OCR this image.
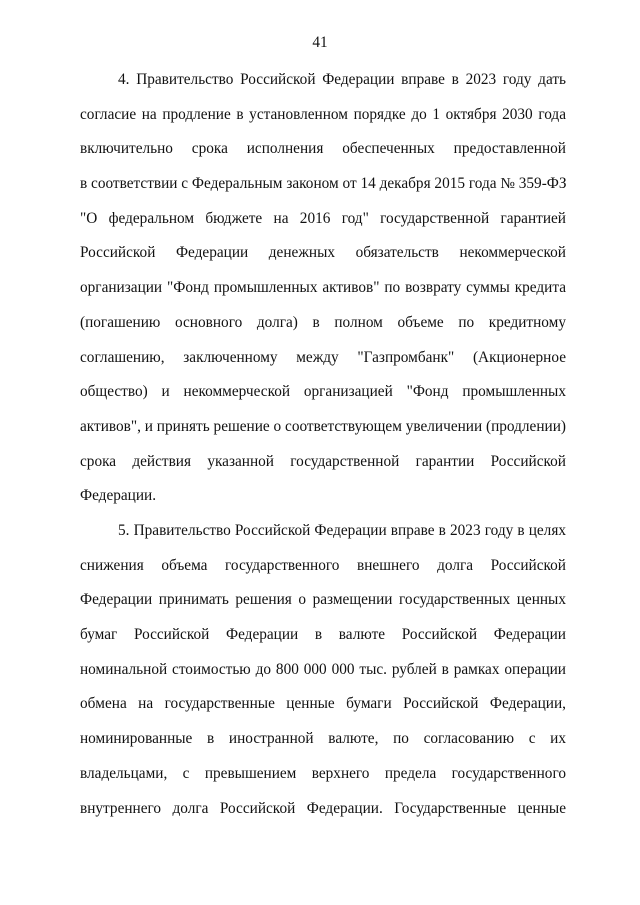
41
4. Правительство Российской Федерации вправе в 2023 году дать
согласие на продление в установленном порядке до 1 октября 2030 года
включительно срока исполнения обеспеченных предоставленной
в соответствии с Федеральным законом от 14 декабря 2015 года № 359-ФЗ
"О федеральном бюджете на 2016 год" государственной гарантией
Российской Федерации денежных обязательств некоммерческой
организации "Фонд промышленных активов" по возврату суммы кредита
(погашению основного долга) в полном объеме по кредитному
соглашению, заключенному между "Газпромбанк" (Акционерное
общество) и некоммерческой организацией "Фонд промышленных
активов", и принять решение о соответствующем увеличении (продлении)
срока действия указанной государственной гарантии Российской
Федерации.
5. Правительство Российской Федерации вправе в 2023 году в целях
снижения объема государственного внешнего долга Российской
Федерации принимать решения о размещении государственных ценных
бумаг Российской Федерации в валюте Российской Федерации
номинальной стоимостью до 800 000 000 тыс. рублей в рамках операции
обмена на государственные ценные бумаги Российской Федерации,
номинированные в иностранной валюте, по согласованию с их
владельцами, с превышением верхнего предела государственного
внутреннего долга Российской Федерации. Государственные ценные
